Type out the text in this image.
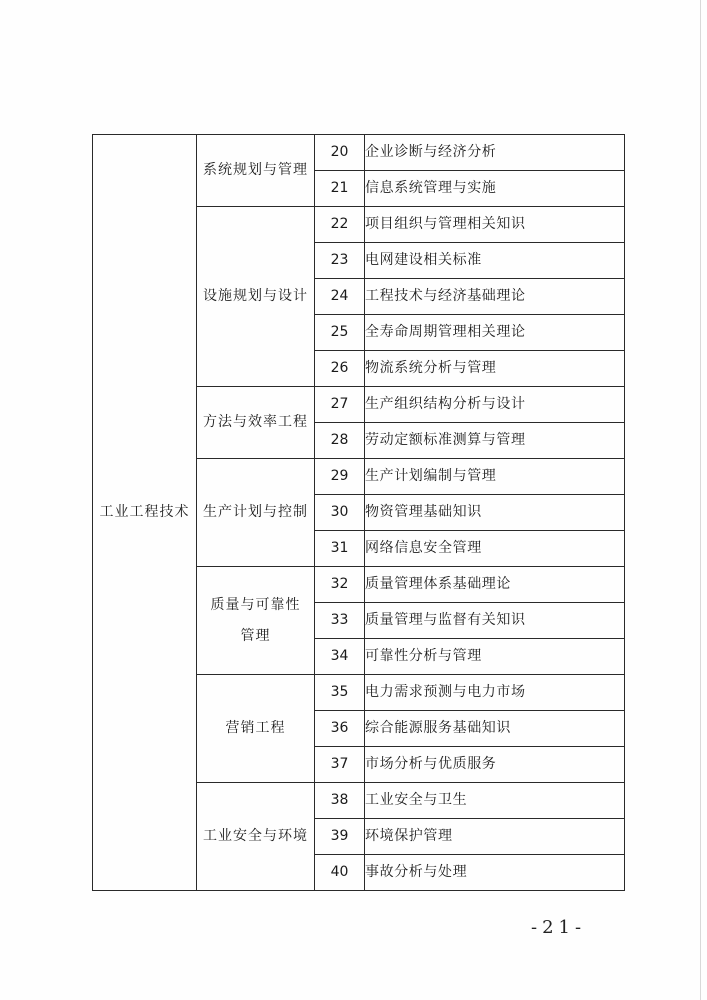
工业工程技术	系统规划与管理	20	企业诊断与经济分析
		21	信息系统管理与实施

	设施规划与设计	22	项目组织与管理相关知识
		23	电网建设相关标准
		24	工程技术与经济基础理论
		25	全寿命周期管理相关理论
		26	物流系统分析与管理

	方法与效率工程	27	生产组织结构分析与设计
		28	劳动定额标准测算与管理

	生产计划与控制	29	生产计划编制与管理
		30	物资管理基础知识
		31	网络信息安全管理

	质量与可靠性
管理	32	质量管理体系基础理论
		33	质量管理与监督有关知识
		34	可靠性分析与管理

	营销工程	35	电力需求预测与电力市场
		36	综合能源服务基础知识
		37	市场分析与优质服务

	工业安全与环境	38	工业安全与卫生
		39	环境保护管理
		40	事故分析与处理
-21-
